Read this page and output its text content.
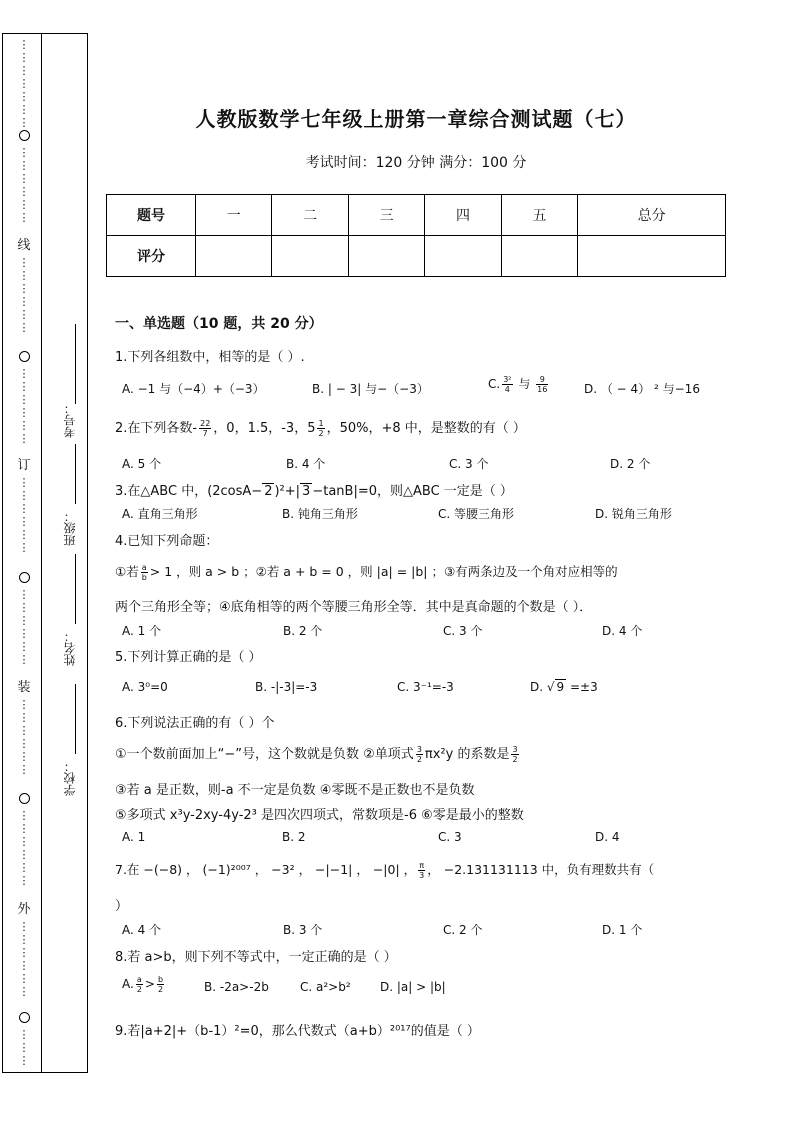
⋮
⋮
⋮
⋮
⋮
⋮
⋮
⋮
⋮
⋮
⋮
⋮
⋮
线
⋮
⋮
⋮
⋮
⋮
⋮
⋮
⋮
⋮
⋮
⋮
⋮
订
⋮
⋮
⋮
⋮
⋮
⋮
⋮
⋮
⋮
⋮
⋮
⋮
装
⋮
⋮
⋮
⋮
⋮
⋮
⋮
⋮
⋮
⋮
⋮
⋮
外
⋮
⋮
⋮
⋮
⋮
⋮
⋮
⋮
⋮
考号：
班级：
姓名：
学校：
人教版数学七年级上册第一章综合测试题（七）
考试时间：120 分钟 满分：100 分
题号	一	二	三	四	五	总分
评分						
一、单选题（10 题，共 20 分）
1.下列各组数中，相等的是（ ）.
A. −1 与（−4）+（−3）	B. | − 3| 与−（−3）	C. $\frac{\text{3²}}{4}$ 与 $\frac{9}{16}$	D. （ − 4） ² 与−16
2.在下列各数- $\frac{22}{7}$ ，0，1.5，-3，$5 \frac{1}{2}$ ，50%，+8 中，是整数的有（ ）
A. 5 个	B. 4 个	C. 3 个	D. 2 个
3.在△ABC 中，(2cosA− 2 )²+| 3 −tanB|=0，则△ABC 一定是（ ）
A. 直角三角形	B. 钝角三角形	C. 等腰三角形	D. 锐角三角形
4.已知下列命题：
①若 $\frac{a}{b} > 1$ ，则 a > b ；②若 a + b = 0 ，则 |a| = |b| ；③有两条边及一个角对应相等的
两个三角形全等；④底角相等的两个等腰三角形全等．其中是真命题的个数是（ ）．
A. 1 个	B. 2 个	C. 3 个	D. 4 个
5.下列计算正确的是（ ）
A. 3⁰=0	B. -|-3|=-3	C. 3⁻¹=-3	D. √ 9 =±3
6.下列说法正确的有（ ）个
①一个数前面加上“−”号，这个数就是负数 ②单项式 $\frac{3}{2} \pi x^2y$ 的系数是 $\frac{3}{2}$
③若 a 是正数，则-a 不一定是负数 ④零既不是正数也不是负数
⑤多项式 x³y-2xy-4y-2³ 是四次四项式，常数项是-6 ⑥零是最小的整数
A. 1	B. 2	C. 3	D. 4
7.在 −(−8) ， (−1)²⁰⁰⁷ ， −3² ， −|−1| ， −|0| ， $\frac{\pi}{3}$ ， −2.131131113 中，负有理数共有（
）
A. 4 个	B. 3 个	C. 2 个	D. 1 个
8.若 a>b，则下列不等式中，一定正确的是（ ）
A. $\frac{a}{2} > \frac{b}{2}$	B. -2a>-2b	C. a²>b² D. |a| > |b|
9.若|a+2|+（b-1）²=0，那么代数式（a+b）²⁰¹⁷的值是（ ）
